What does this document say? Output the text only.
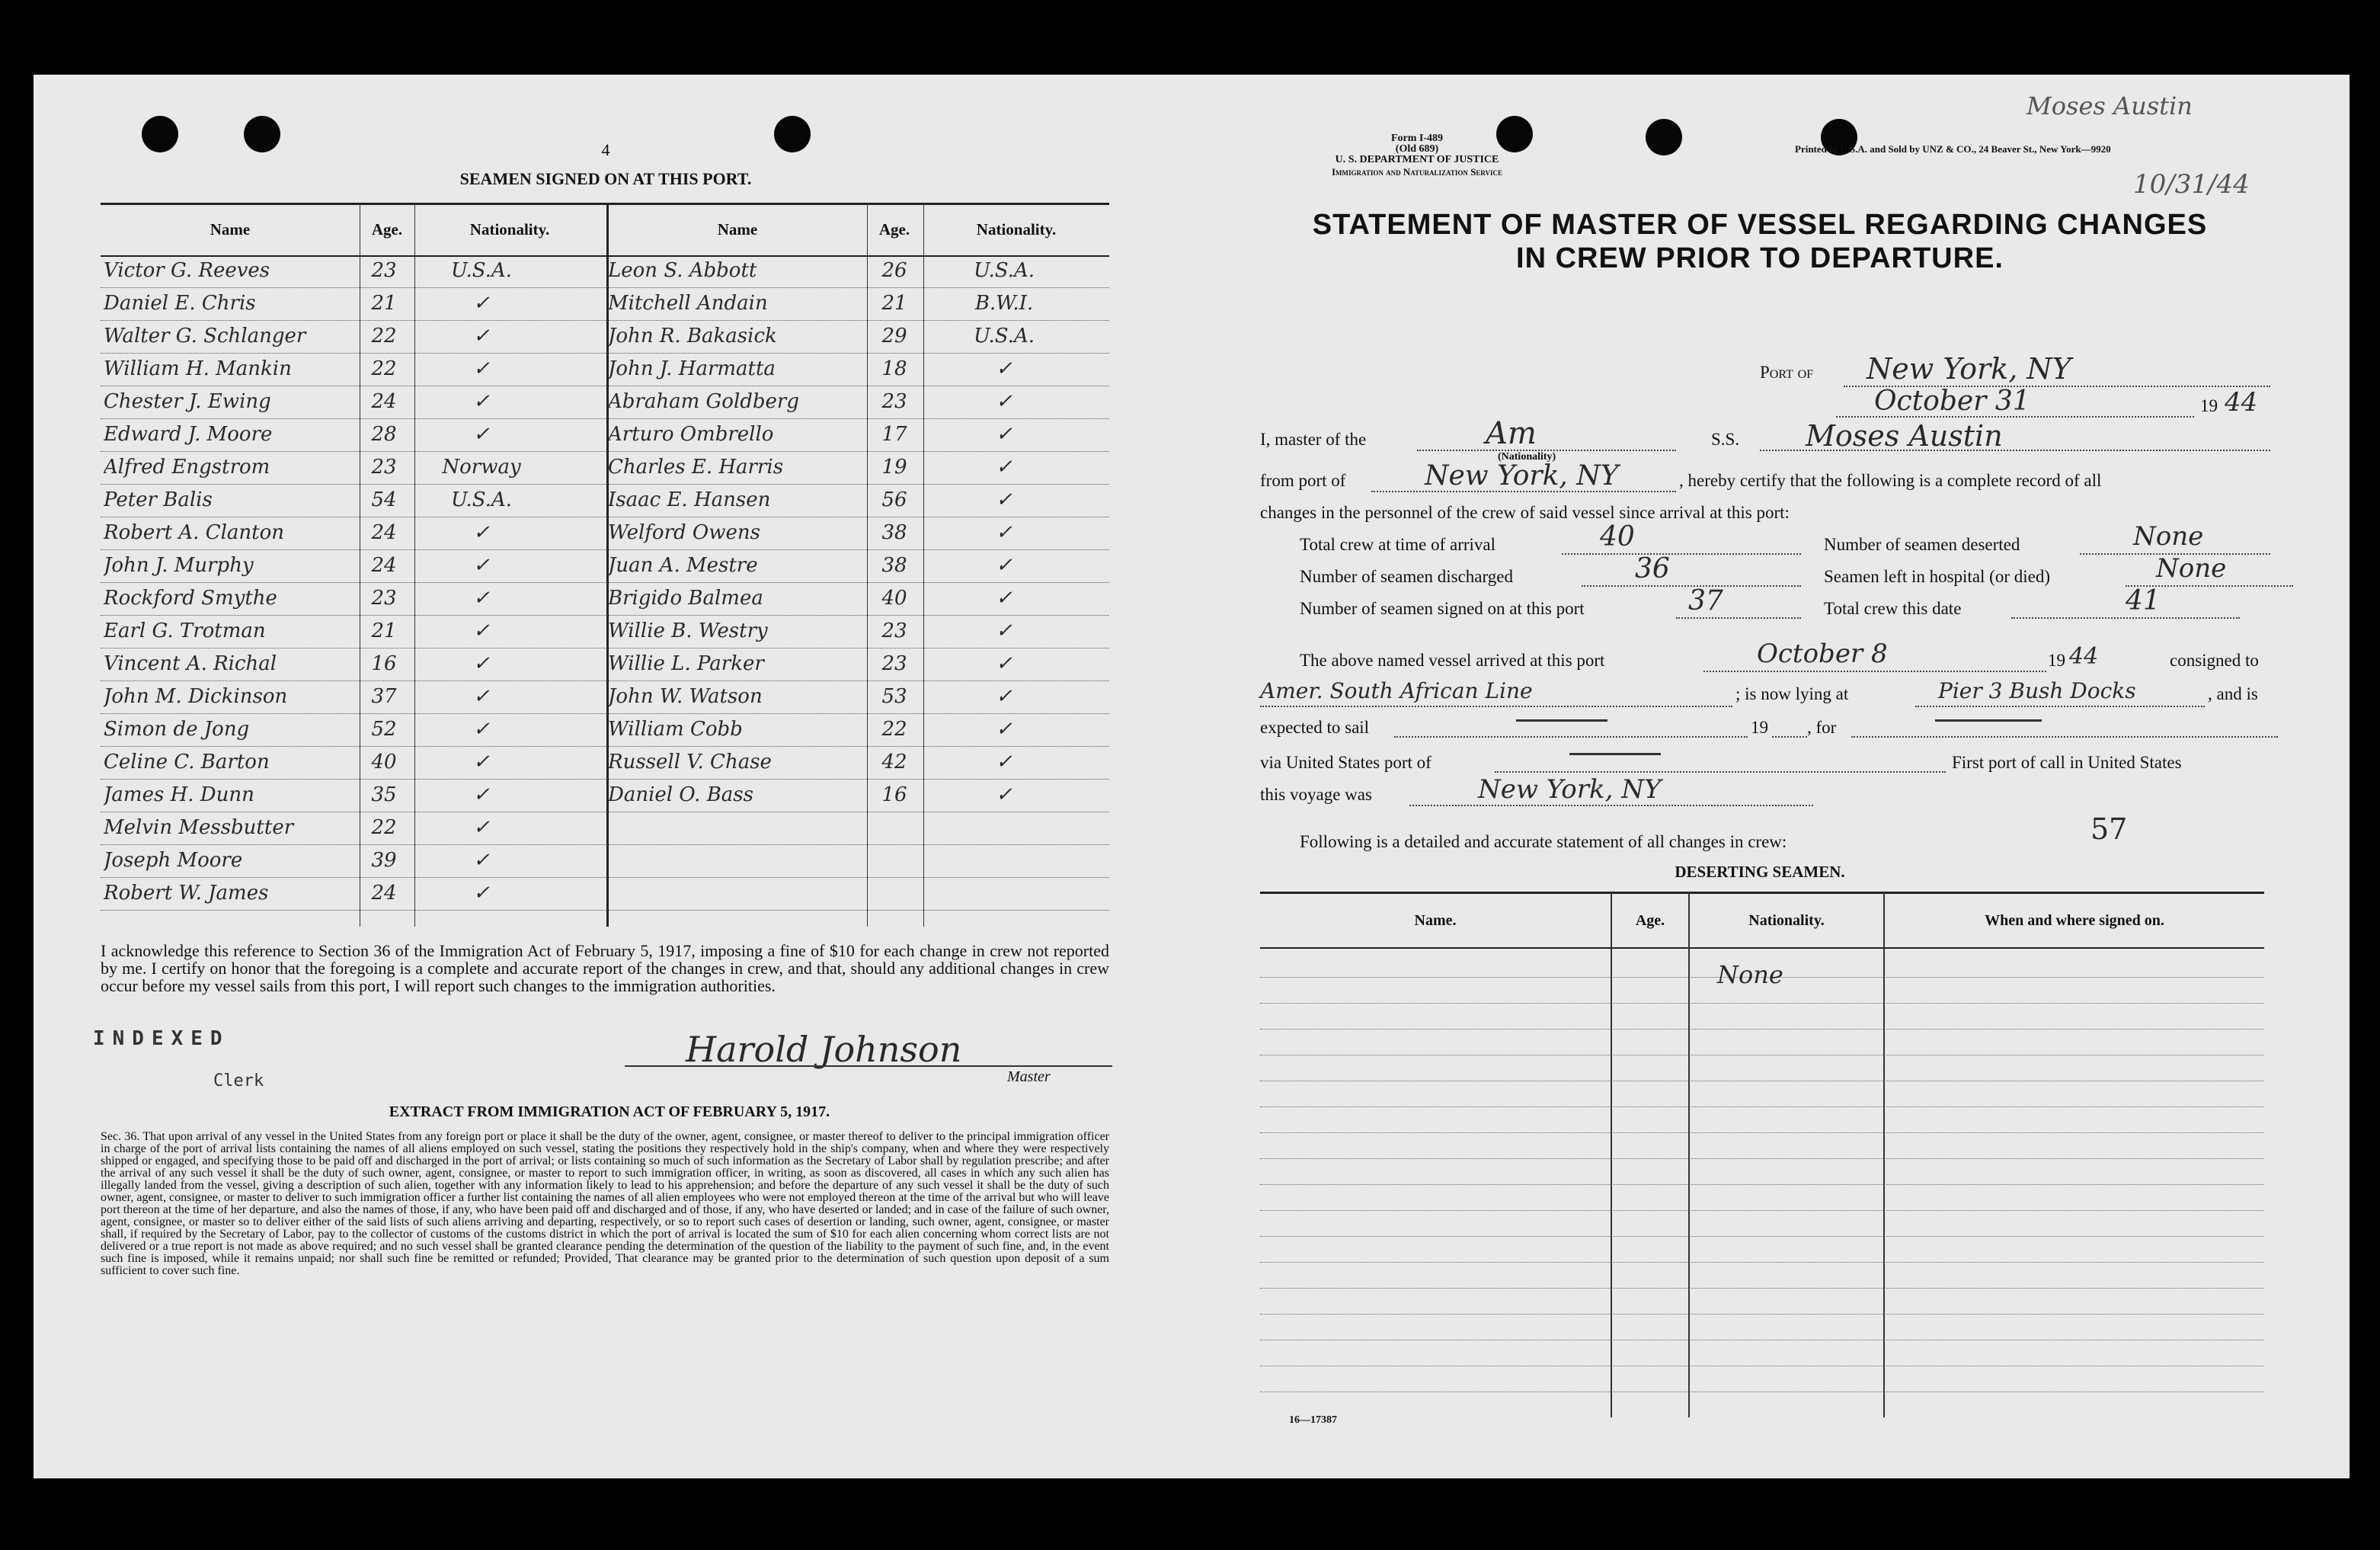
4
SEAMEN SIGNED ON AT THIS PORT.
Name	Age.	Nationality.	Name	Age.	Nationality.
Victor G. Reeves	23	U.S.A.	Leon S. Abbott	26	U.S.A.
Daniel E. Chris	21	✓	Mitchell Andain	21	B.W.I.
Walter G. Schlanger	22	✓	John R. Bakasick	29	U.S.A.
William H. Mankin	22	✓	John J. Harmatta	18	✓
Chester J. Ewing	24	✓	Abraham Goldberg	23	✓
Edward J. Moore	28	✓	Arturo Ombrello	17	✓
Alfred Engstrom	23	Norway	Charles E. Harris	19	✓
Peter Balis	54	U.S.A.	Isaac E. Hansen	56	✓
Robert A. Clanton	24	✓	Welford Owens	38	✓
John J. Murphy	24	✓	Juan A. Mestre	38	✓
Rockford Smythe	23	✓	Brigido Balmea	40	✓
Earl G. Trotman	21	✓	Willie B. Westry	23	✓
Vincent A. Richal	16	✓	Willie L. Parker	23	✓
John M. Dickinson	37	✓	John W. Watson	53	✓
Simon de Jong	52	✓	William Cobb	22	✓
Celine C. Barton	40	✓	Russell V. Chase	42	✓
James H. Dunn	35	✓	Daniel O. Bass	16	✓
Melvin Messbutter	22	✓
Joseph Moore	39	✓
Robert W. James	24	✓
I acknowledge this reference to Section 36 of the Immigration Act of February 5, 1917, imposing a fine of $10 for each change in crew not reported by me. I certify on honor that the foregoing is a complete and accurate report of the changes in crew, and that, should any additional changes in crew occur before my vessel sails from this port, I will report such changes to the immigration authorities.
INDEXED
Clerk
Harold Johnson
Master
EXTRACT FROM IMMIGRATION ACT OF FEBRUARY 5, 1917.
Sec. 36. That upon arrival of any vessel in the United States from any foreign port or place it shall be the duty of the owner, agent, consignee, or master thereof to deliver to the principal immigration officer in charge of the port of arrival lists containing the names of all aliens employed on such vessel, stating the positions they respectively hold in the ship's company, when and where they were respectively shipped or engaged, and specifying those to be paid off and discharged in the port of arrival; or lists containing so much of such information as the Secretary of Labor shall by regulation prescribe; and after the arrival of any such vessel it shall be the duty of such owner, agent, consignee, or master to report to such immigration officer, in writing, as soon as discovered, all cases in which any such alien has illegally landed from the vessel, giving a description of such alien, together with any information likely to lead to his apprehension; and before the departure of any such vessel it shall be the duty of such owner, agent, consignee, or master to deliver to such immigration officer a further list containing the names of all alien employees who were not employed thereon at the time of the arrival but who will leave port thereon at the time of her departure, and also the names of those, if any, who have been paid off and discharged and of those, if any, who have deserted or landed; and in case of the failure of such owner, agent, consignee, or master so to deliver either of the said lists of such aliens arriving and departing, respectively, or so to report such cases of desertion or landing, such owner, agent, consignee, or master shall, if required by the Secretary of Labor, pay to the collector of customs of the customs district in which the port of arrival is located the sum of $10 for each alien concerning whom correct lists are not delivered or a true report is not made as above required; and no such vessel shall be granted clearance pending the determination of the question of the liability to the payment of such fine, and, in the event such fine is imposed, while it remains unpaid; nor shall such fine be remitted or refunded; Provided, That clearance may be granted prior to the determination of such question upon deposit of a sum sufficient to cover such fine.
Form I-489
(Old 689)
U. S. DEPARTMENT OF JUSTICE
Immigration and Naturalization Service
Printed in U.S.A. and Sold by UNZ & CO., 24 Beaver St., New York—9920
Moses Austin
10/31/44
STATEMENT OF MASTER OF VESSEL REGARDING CHANGES
IN CREW PRIOR TO DEPARTURE.
Port of New York, NY
October 31	19 44
I, master of the	Am
(Nationality)
S.S. Moses Austin
from port of	New York, NY	, hereby certify that the following is a complete record of all
changes in the personnel of the crew of said vessel since arrival at this port:
Total crew at time of arrival	40	Number of seamen deserted	None
Number of seamen discharged	36	Seamen left in hospital (or died)	None
Number of seamen signed on at this port	37	Total crew this date	41
The above named vessel arrived at this port	October 8	19 44	consigned to
Amer. South African Line	; is now lying at	Pier 3 Bush Docks	, and is
expected to sail	19 , for
via United States port of	First port of call in United States
this voyage was	New York, NY
Following is a detailed and accurate statement of all changes in crew:	57
DESERTING SEAMEN.
Name.	Age.	Nationality.	When and where signed on.
None
16—17387
